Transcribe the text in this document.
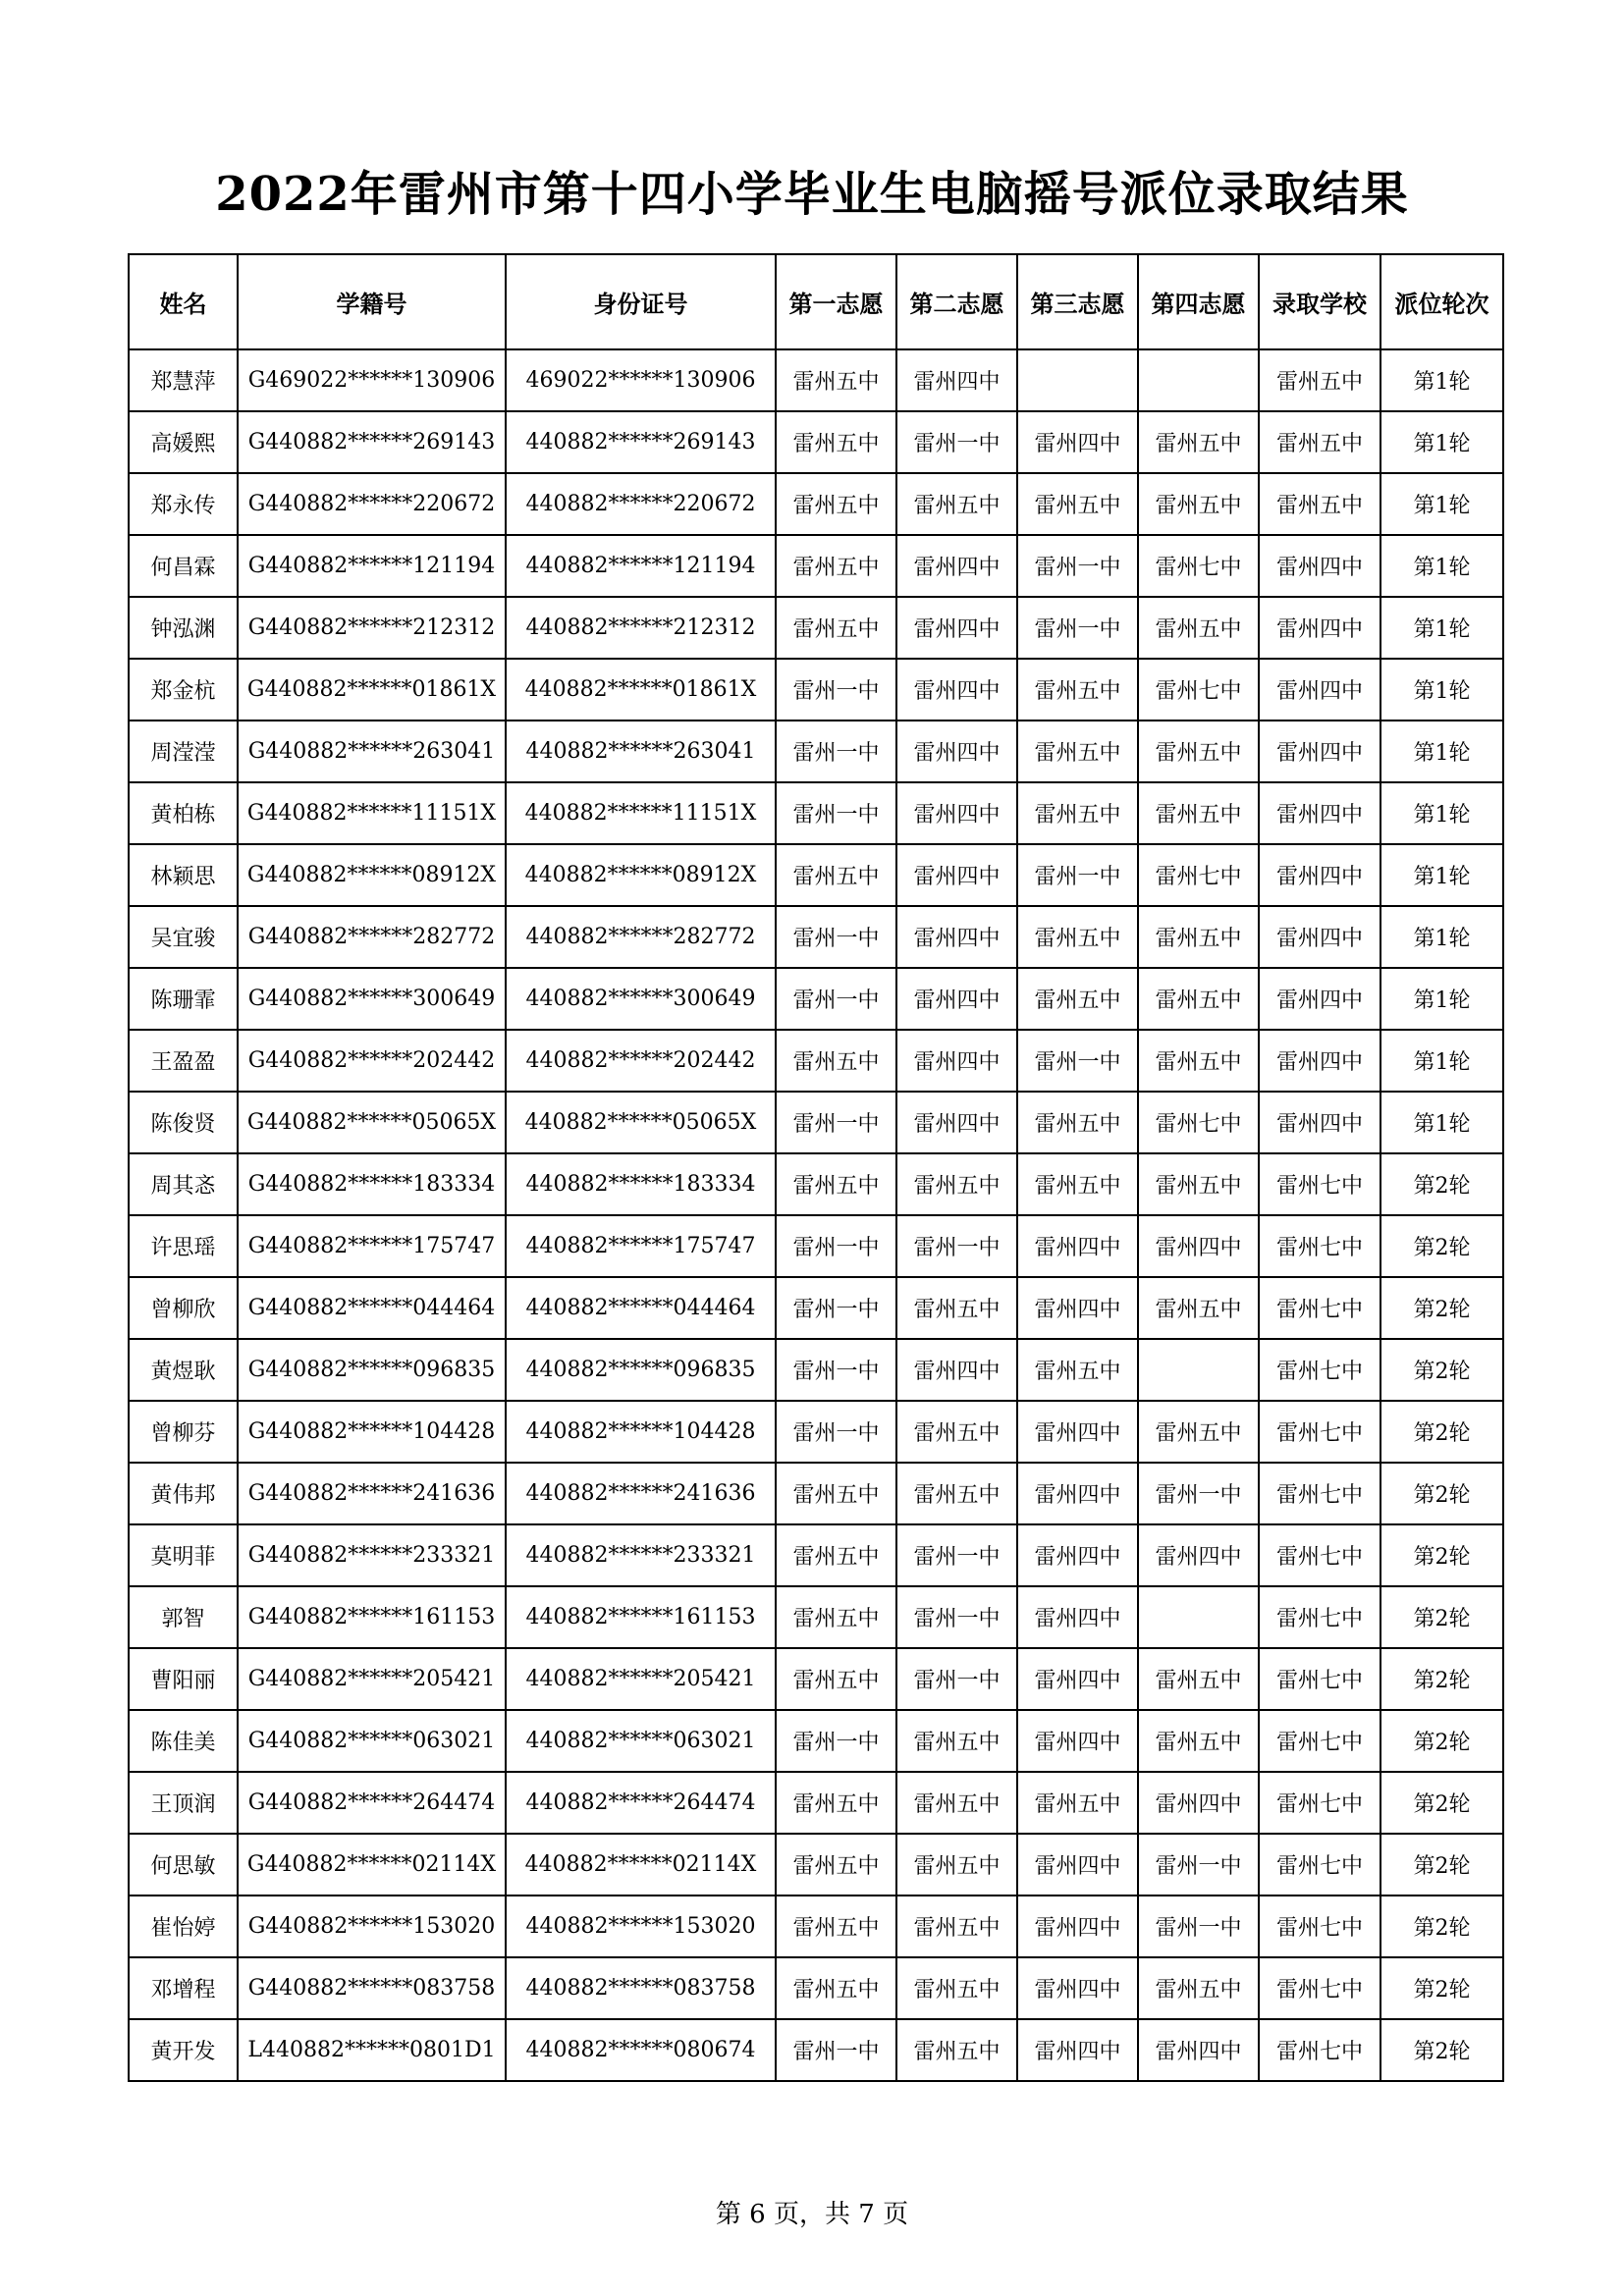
2022年雷州市第十四小学毕业生电脑摇号派位录取结果
姓名	学籍号	身份证号	第一志愿	第二志愿	第三志愿	第四志愿	录取学校	派位轮次
郑慧萍	G469022******130906	469022******130906	雷州五中	雷州四中			雷州五中	第1轮
高媛熙	G440882******269143	440882******269143	雷州五中	雷州一中	雷州四中	雷州五中	雷州五中	第1轮
郑永传	G440882******220672	440882******220672	雷州五中	雷州五中	雷州五中	雷州五中	雷州五中	第1轮
何昌霖	G440882******121194	440882******121194	雷州五中	雷州四中	雷州一中	雷州七中	雷州四中	第1轮
钟泓渊	G440882******212312	440882******212312	雷州五中	雷州四中	雷州一中	雷州五中	雷州四中	第1轮
郑金杭	G440882******01861X	440882******01861X	雷州一中	雷州四中	雷州五中	雷州七中	雷州四中	第1轮
周滢滢	G440882******263041	440882******263041	雷州一中	雷州四中	雷州五中	雷州五中	雷州四中	第1轮
黄柏栋	G440882******11151X	440882******11151X	雷州一中	雷州四中	雷州五中	雷州五中	雷州四中	第1轮
林颖思	G440882******08912X	440882******08912X	雷州五中	雷州四中	雷州一中	雷州七中	雷州四中	第1轮
吴宜骏	G440882******282772	440882******282772	雷州一中	雷州四中	雷州五中	雷州五中	雷州四中	第1轮
陈珊霏	G440882******300649	440882******300649	雷州一中	雷州四中	雷州五中	雷州五中	雷州四中	第1轮
王盈盈	G440882******202442	440882******202442	雷州五中	雷州四中	雷州一中	雷州五中	雷州四中	第1轮
陈俊贤	G440882******05065X	440882******05065X	雷州一中	雷州四中	雷州五中	雷州七中	雷州四中	第1轮
周其忞	G440882******183334	440882******183334	雷州五中	雷州五中	雷州五中	雷州五中	雷州七中	第2轮
许思瑶	G440882******175747	440882******175747	雷州一中	雷州一中	雷州四中	雷州四中	雷州七中	第2轮
曾柳欣	G440882******044464	440882******044464	雷州一中	雷州五中	雷州四中	雷州五中	雷州七中	第2轮
黄煜耿	G440882******096835	440882******096835	雷州一中	雷州四中	雷州五中		雷州七中	第2轮
曾柳芬	G440882******104428	440882******104428	雷州一中	雷州五中	雷州四中	雷州五中	雷州七中	第2轮
黄伟邦	G440882******241636	440882******241636	雷州五中	雷州五中	雷州四中	雷州一中	雷州七中	第2轮
莫明菲	G440882******233321	440882******233321	雷州五中	雷州一中	雷州四中	雷州四中	雷州七中	第2轮
郭智	G440882******161153	440882******161153	雷州五中	雷州一中	雷州四中		雷州七中	第2轮
曹阳丽	G440882******205421	440882******205421	雷州五中	雷州一中	雷州四中	雷州五中	雷州七中	第2轮
陈佳美	G440882******063021	440882******063021	雷州一中	雷州五中	雷州四中	雷州五中	雷州七中	第2轮
王顶润	G440882******264474	440882******264474	雷州五中	雷州五中	雷州五中	雷州四中	雷州七中	第2轮
何思敏	G440882******02114X	440882******02114X	雷州五中	雷州五中	雷州四中	雷州一中	雷州七中	第2轮
崔怡婷	G440882******153020	440882******153020	雷州五中	雷州五中	雷州四中	雷州一中	雷州七中	第2轮
邓增程	G440882******083758	440882******083758	雷州五中	雷州五中	雷州四中	雷州五中	雷州七中	第2轮
黄开发	L440882******0801D1	440882******080674	雷州一中	雷州五中	雷州四中	雷州四中	雷州七中	第2轮
第 6 页，共 7 页
